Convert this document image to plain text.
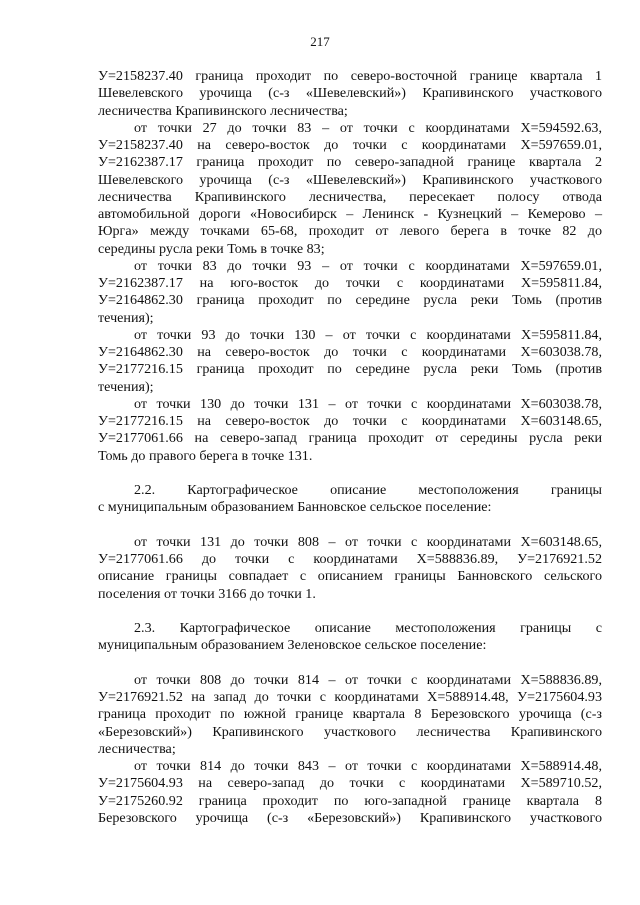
217
У=2158237.40 граница проходит по северо-восточной границе квартала 1
Шевелевского урочища (с-з «Шевелевский») Крапивинского участкового
лесничества Крапивинского лесничества;
от точки 27 до точки 83 – от точки с координатами Х=594592.63,
У=2158237.40 на северо-восток до точки с координатами Х=597659.01,
У=2162387.17 граница проходит по северо-западной границе квартала 2
Шевелевского урочища (с-з «Шевелевский») Крапивинского участкового
лесничества Крапивинского лесничества, пересекает полосу отвода
автомобильной дороги «Новосибирск – Ленинск - Кузнецкий – Кемерово –
Юрга» между точками 65-68, проходит от левого берега в точке 82 до
середины русла реки Томь в точке 83;
от точки 83 до точки 93 – от точки с координатами Х=597659.01,
У=2162387.17 на юго-восток до точки с координатами Х=595811.84,
У=2164862.30 граница проходит по середине русла реки Томь (против
течения);
от точки 93 до точки 130 – от точки с координатами Х=595811.84,
У=2164862.30 на северо-восток до точки с координатами Х=603038.78,
У=2177216.15 граница проходит по середине русла реки Томь (против
течения);
от точки 130 до точки 131 – от точки с координатами Х=603038.78,
У=2177216.15 на северо-восток до точки с координатами Х=603148.65,
У=2177061.66 на северо-запад граница проходит от середины русла реки
Томь до правого берега в точке 131.
2.2. Картографическое описание местоположения границы
с муниципальным образованием Банновское сельское поселение:
от точки 131 до точки 808 – от точки с координатами Х=603148.65,
У=2177061.66 до точки с координатами Х=588836.89, У=2176921.52
описание границы совпадает с описанием границы Банновского сельского
поселения от точки 3166 до точки 1.
2.3. Картографическое описание местоположения границы с
муниципальным образованием Зеленовское сельское поселение:
от точки 808 до точки 814 – от точки с координатами Х=588836.89,
У=2176921.52 на запад до точки с координатами Х=588914.48, У=2175604.93
граница проходит по южной границе квартала 8 Березовского урочища (с-з
«Березовский») Крапивинского участкового лесничества Крапивинского
лесничества;
от точки 814 до точки 843 – от точки с координатами Х=588914.48,
У=2175604.93 на северо-запад до точки с координатами Х=589710.52,
У=2175260.92 граница проходит по юго-западной границе квартала 8
Березовского урочища (с-з «Березовский») Крапивинского участкового
